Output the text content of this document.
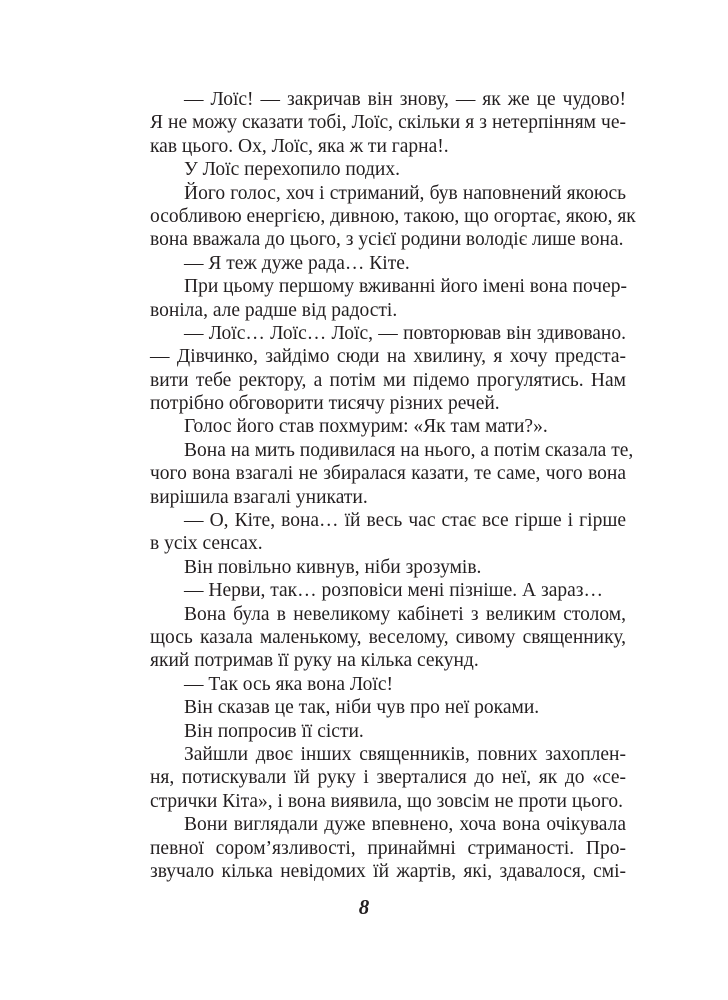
— Лоїс! — закричав він знову, — як же це чудово!
Я не можу сказати тобі, Лоїс, скільки я з нетерпінням че-
кав цього. Ох, Лоїс, яка ж ти гарна!.
У Лоїс перехопило подих.
Його голос, хоч і стриманий, був наповнений якоюсь
особливою енергією, дивною, такою, що огортає, якою, як
вона вважала до цього, з усієї родини володіє лише вона.
— Я теж дуже рада… Кіте.
При цьому першому вживанні його імені вона почер-
воніла, але радше від радості.
— Лоїс… Лоїс… Лоїс, — повторював він здивовано.
— Дівчинко, зайдімо сюди на хвилину, я хочу предста-
вити тебе ректору, а потім ми підемо прогулятись. Нам
потрібно обговорити тисячу різних речей.
Голос його став похмурим: «Як там мати?».
Вона на мить подивилася на нього, а потім сказала те,
чого вона взагалі не збиралася казати, те саме, чого вона
вирішила взагалі уникати.
— О, Кіте, вона… їй весь час стає все гірше і гірше
в усіх сенсах.
Він повільно кивнув, ніби зрозумів.
— Нерви, так… розповіси мені пізніше. А зараз…
Вона була в невеликому кабінеті з великим столом,
щось казала маленькому, веселому, сивому священнику,
який потримав її руку на кілька секунд.
— Так ось яка вона Лоїс!
Він сказав це так, ніби чув про неї роками.
Він попросив її сісти.
Зайшли двоє інших священників, повних захоплен-
ня, потискували їй руку і зверталися до неї, як до «се-
стрички Кіта», і вона виявила, що зовсім не проти цього.
Вони виглядали дуже впевнено, хоча вона очікувала
певної сором’язливості, принаймні стриманості. Про-
звучало кілька невідомих їй жартів, які, здавалося, смі-
8
